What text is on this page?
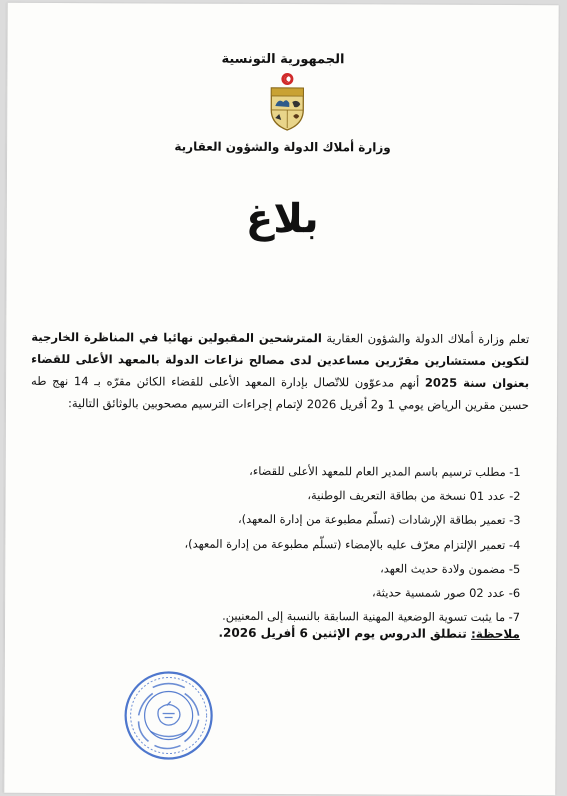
الجمهورية التونسية
وزارة أملاك الدولة والشؤون العقارية
بلاغ
تعلم وزارة أملاك الدولة والشؤون العقارية المترشحين المقبولين نهائيا في المناظرة الخارجية لتكوين مستشارين مقرّرين مساعدين لدى مصالح نزاعات الدولة بالمعهد الأعلى للقضاء بعنوان سنة 2025 أنهم مدعوّون للاتّصال بإدارة المعهد الأعلى للقضاء الكائن مقرّه بـ 14 نهج طه حسين مقرين الرياض يومي 1 و2 أفريل 2026 لإتمام إجراءات الترسيم مصحوبين بالوثائق التالية:
1- مطلب ترسيم باسم المدير العام للمعهد الأعلى للقضاء،
2- عدد 01 نسخة من بطاقة التعريف الوطنية،
3- تعمير بطاقة الإرشادات (تسلّم مطبوعة من إدارة المعهد)،
4- تعمير الإلتزام معرّف عليه بالإمضاء (تسلّم مطبوعة من إدارة المعهد)،
5- مضمون ولادة حديث العهد،
6- عدد 02 صور شمسية حديثة،
7- ما يثبت تسوية الوضعية المهنية السابقة بالنسبة إلى المعنيين.
ملاحظة: تنطلق الدروس يوم الإثنين 6 أفريل 2026.
